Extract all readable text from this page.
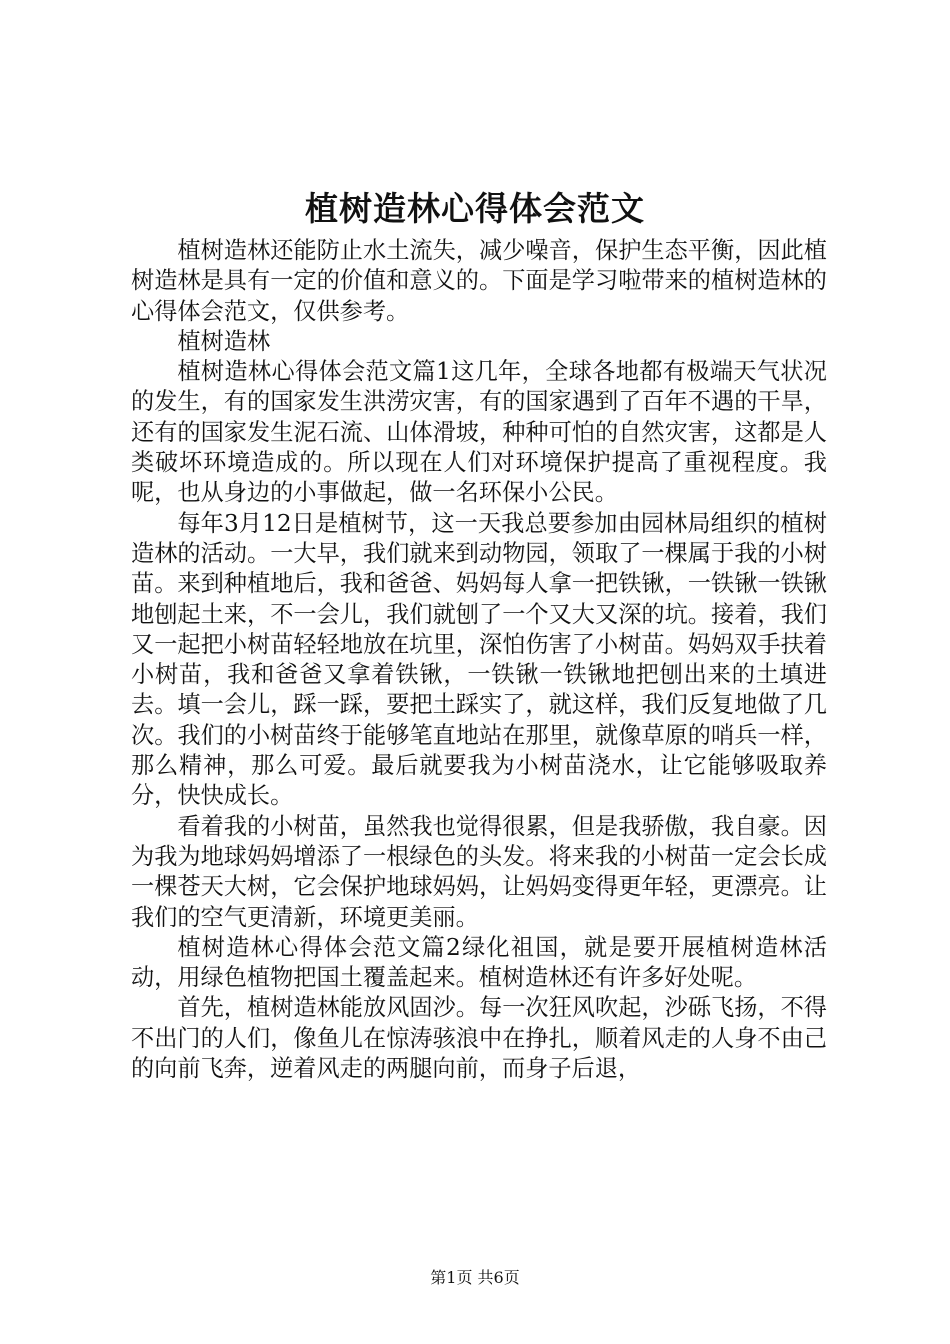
植树造林心得体会范文

植树造林还能防止水土流失，减少噪音，保护生态平衡，因此植树造林是具有一定的价值和意义的。下面是学习啦带来的植树造林的心得体会范文，仅供参考。

植树造林

植树造林心得体会范文篇1这几年，全球各地都有极端天气状况的发生，有的国家发生洪涝灾害，有的国家遇到了百年不遇的干旱，还有的国家发生泥石流、山体滑坡，种种可怕的自然灾害，这都是人类破坏环境造成的。所以现在人们对环境保护提高了重视程度。我呢，也从身边的小事做起，做一名环保小公民。

每年3月12日是植树节，这一天我总要参加由园林局组织的植树造林的活动。一大早，我们就来到动物园，领取了一棵属于我的小树苗。来到种植地后，我和爸爸、妈妈每人拿一把铁锹，一铁锹一铁锹地刨起土来，不一会儿，我们就刨了一个又大又深的坑。接着，我们又一起把小树苗轻轻地放在坑里，深怕伤害了小树苗。妈妈双手扶着小树苗，我和爸爸又拿着铁锹，一铁锹一铁锹地把刨出来的土填进去。填一会儿，踩一踩，要把土踩实了，就这样，我们反复地做了几次。我们的小树苗终于能够笔直地站在那里，就像草原的哨兵一样，那么精神，那么可爱。最后就要我为小树苗浇水，让它能够吸取养分，快快成长。

看着我的小树苗，虽然我也觉得很累，但是我骄傲，我自豪。因为我为地球妈妈增添了一根绿色的头发。将来我的小树苗一定会长成一棵苍天大树，它会保护地球妈妈，让妈妈变得更年轻，更漂亮。让我们的空气更清新，环境更美丽。

植树造林心得体会范文篇2绿化祖国，就是要开展植树造林活动，用绿色植物把国土覆盖起来。植树造林还有许多好处呢。

首先，植树造林能放风固沙。每一次狂风吹起，沙砾飞扬，不得不出门的人们，像鱼儿在惊涛骇浪中在挣扎，顺着风走的人身不由己的向前飞奔，逆着风走的两腿向前，而身子后退，

第1页 共6页
